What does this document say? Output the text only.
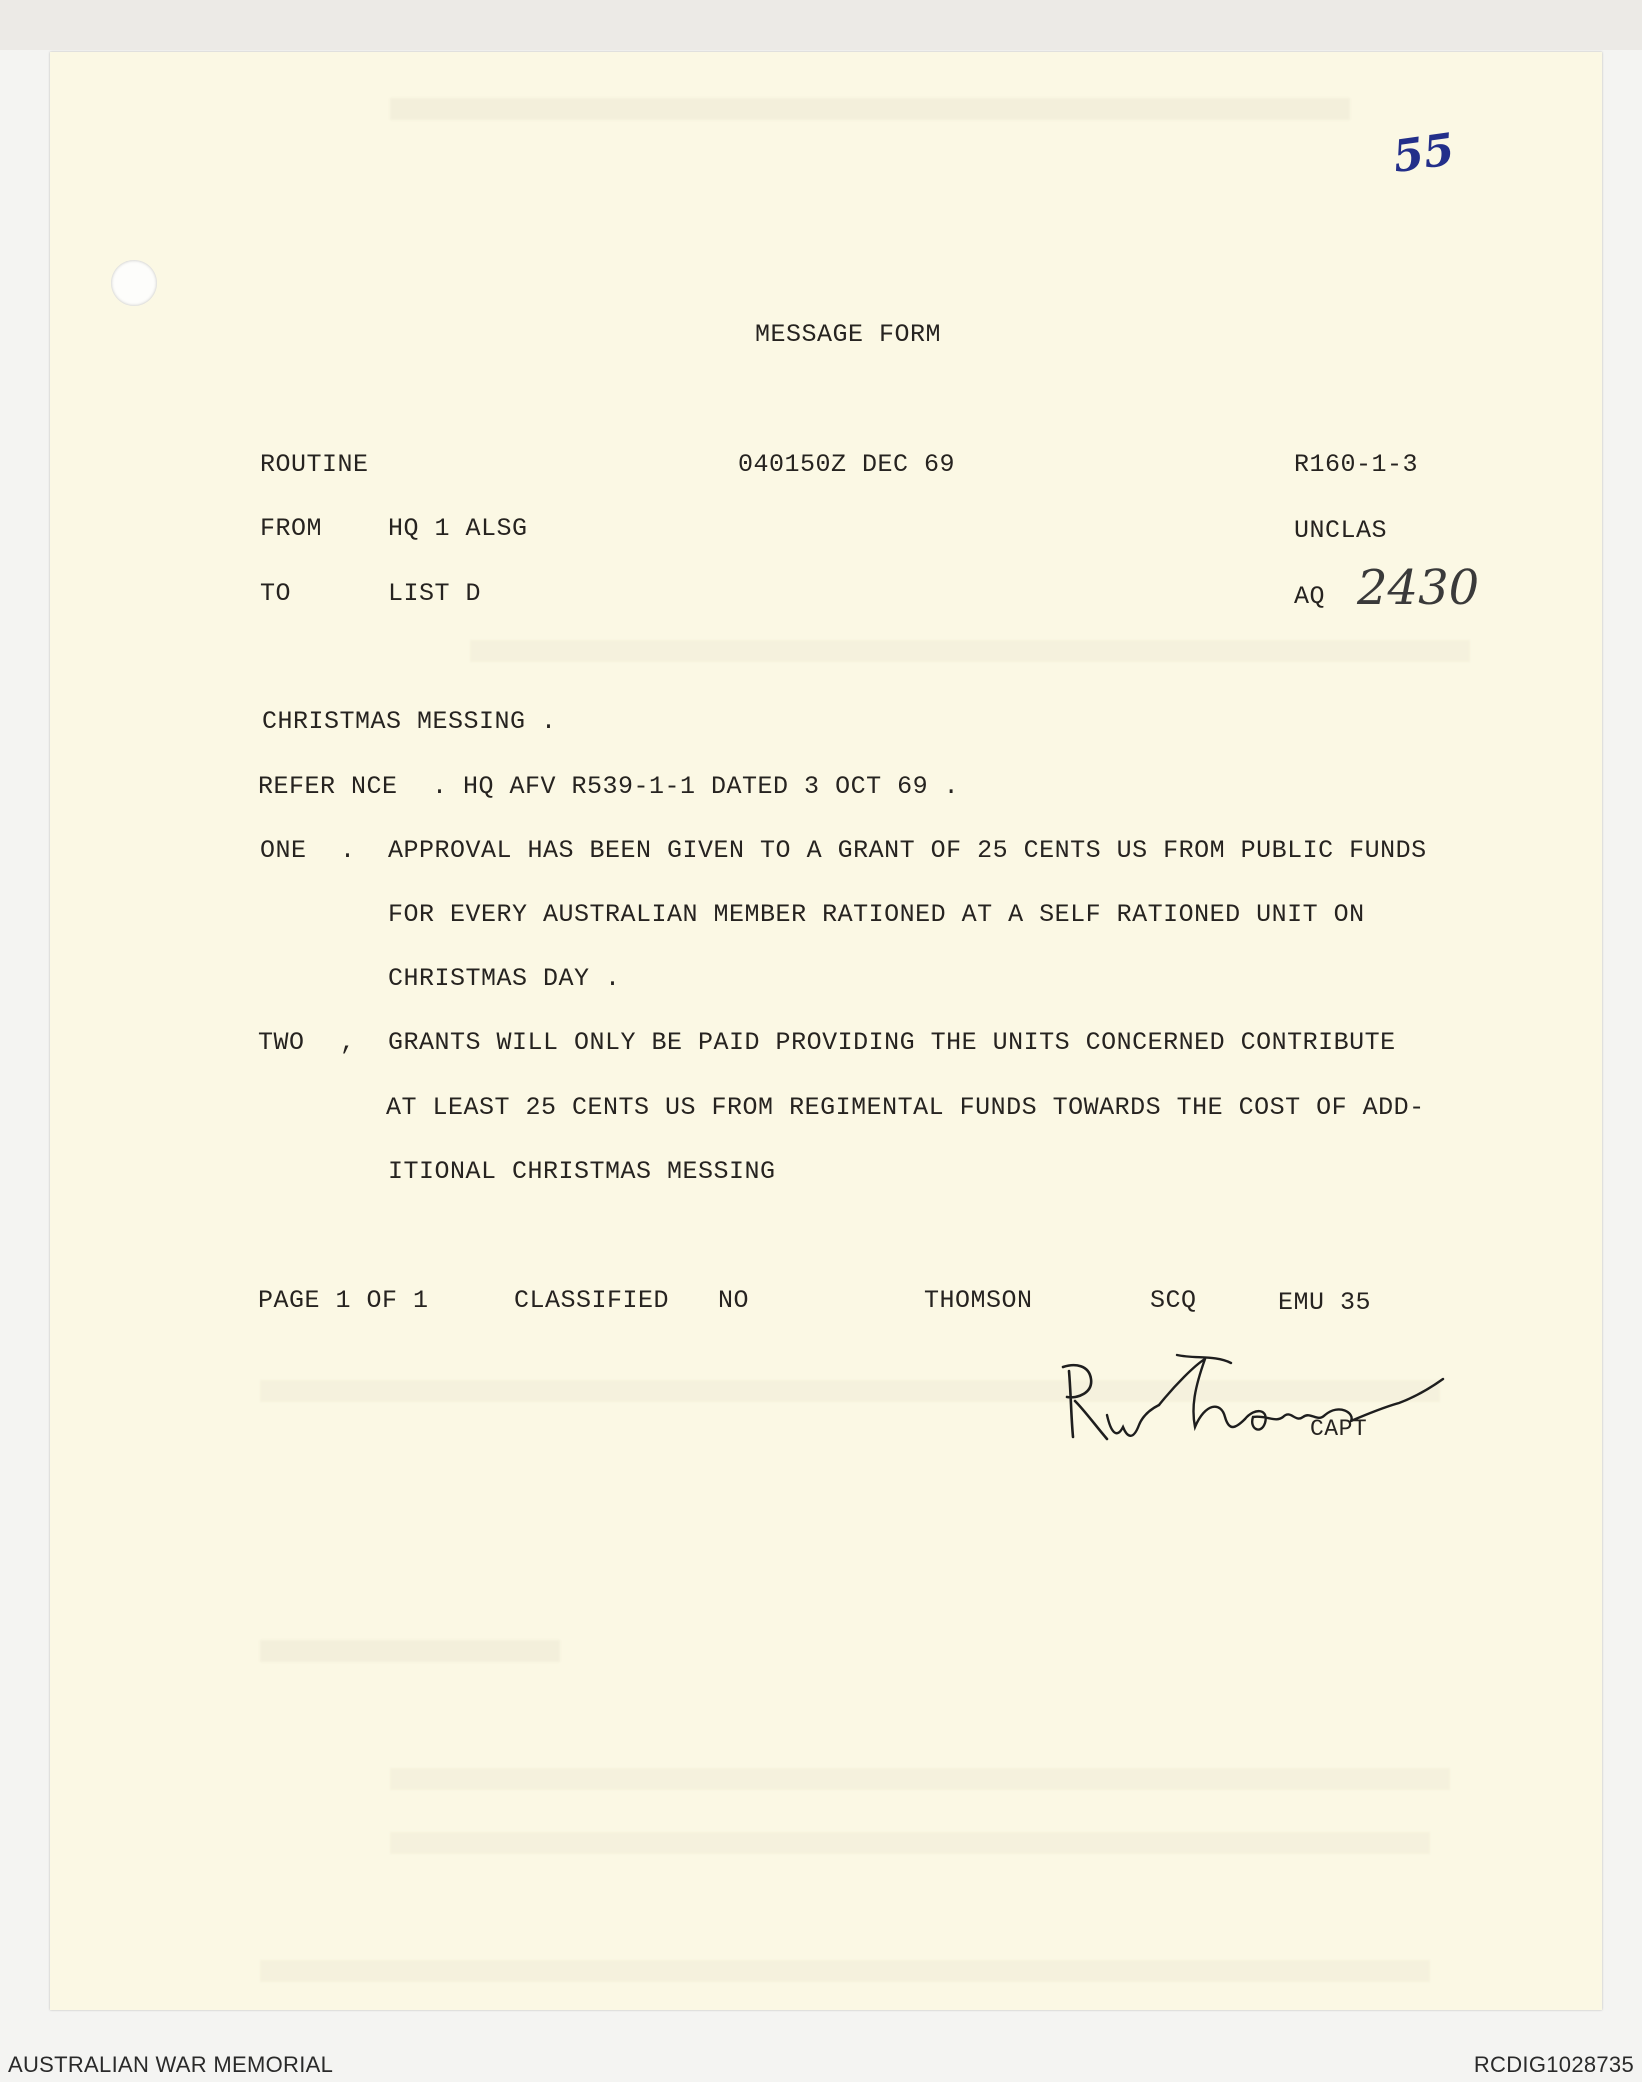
55
MESSAGE FORM
ROUTINE	040150Z DEC 69	R160-1-3
FROM	HQ 1 ALSG	UNCLAS
TO	LIST D	AQ 2430
CHRISTMAS MESSING .
REFER NCE . HQ AFV R539-1-1 DATED 3 OCT 69 .
ONE . APPROVAL HAS BEEN GIVEN TO A GRANT OF 25 CENTS US FROM PUBLIC FUNDS
FOR EVERY AUSTRALIAN MEMBER RATIONED AT A SELF RATIONED UNIT ON
CHRISTMAS DAY .
TWO , GRANTS WILL ONLY BE PAID PROVIDING THE UNITS CONCERNED CONTRIBUTE
AT LEAST 25 CENTS US FROM REGIMENTAL FUNDS TOWARDS THE COST OF ADD-
ITIONAL CHRISTMAS MESSING
PAGE 1 OF 1	CLASSIFIED NO	THOMSON	SCQ	EMU 35
CAPT
AUSTRALIAN WAR MEMORIAL	RCDIG1028735
